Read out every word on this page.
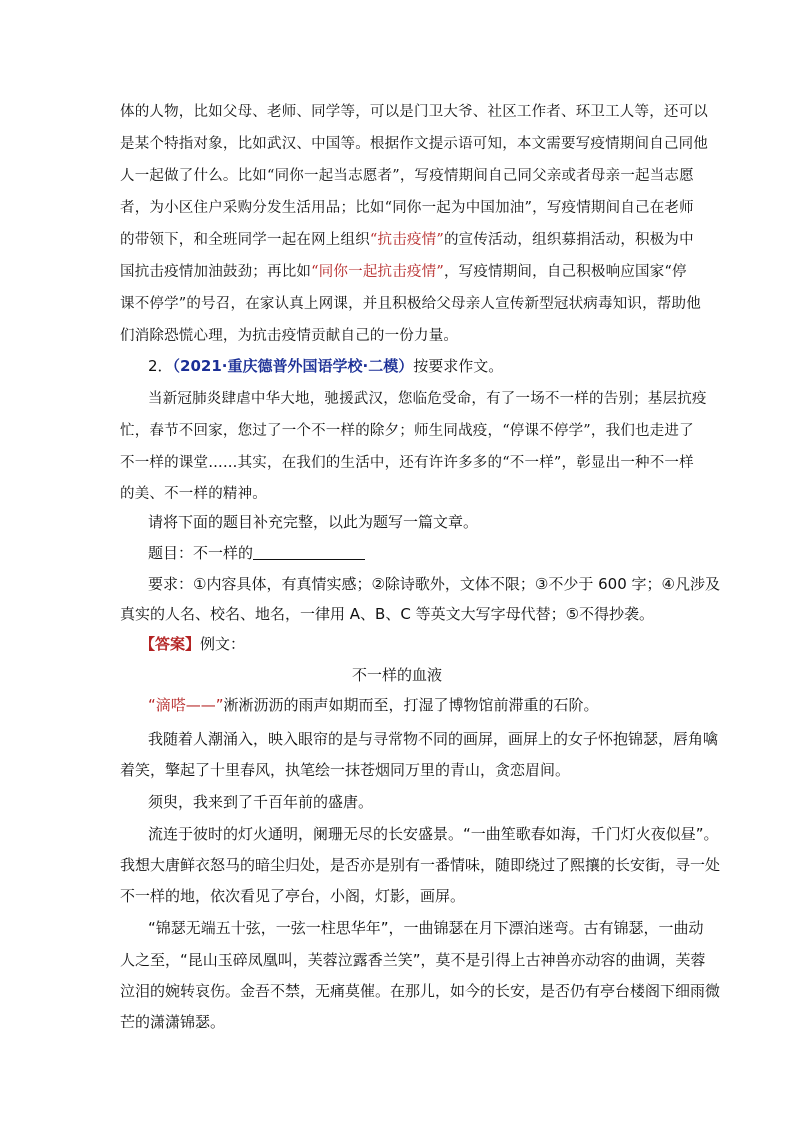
体的人物，比如父母、老师、同学等，可以是门卫大爷、社区工作者、环卫工人等，还可以
是某个特指对象，比如武汉、中国等。根据作文提示语可知，本文需要写疫情期间自己同他
人一起做了什么。比如“同你一起当志愿者”，写疫情期间自己同父亲或者母亲一起当志愿
者，为小区住户采购分发生活用品；比如“同你一起为中国加油”，写疫情期间自己在老师
的带领下，和全班同学一起在网上组织“抗击疫情”的宣传活动，组织募捐活动，积极为中
国抗击疫情加油鼓劲；再比如“同你一起抗击疫情”，写疫情期间，自己积极响应国家“停
课不停学”的号召，在家认真上网课，并且积极给父母亲人宣传新型冠状病毒知识，帮助他
们消除恐慌心理，为抗击疫情贡献自己的一份力量。
2．（2021·重庆德普外国语学校·二模）按要求作文。
当新冠肺炎肆虐中华大地，驰援武汉，您临危受命，有了一场不一样的告别；基层抗疫
忙，春节不回家，您过了一个不一样的除夕；师生同战疫，“停课不停学”，我们也走进了
不一样的课堂……其实，在我们的生活中，还有许许多多的“不一样”，彰显出一种不一样
的美、不一样的精神。
请将下面的题目补充完整，以此为题写一篇文章。
题目：不一样的
要求：①内容具体，有真情实感；②除诗歌外，文体不限；③不少于 600 字；④凡涉及
真实的人名、校名、地名，一律用 A、B、C 等英文大写字母代替；⑤不得抄袭。
【答案】例文：
不一样的血液
“滴嗒——”淅淅沥沥的雨声如期而至，打湿了博物馆前滞重的石阶。
我随着人潮涌入，映入眼帘的是与寻常物不同的画屏，画屏上的女子怀抱锦瑟，唇角噙
着笑，擎起了十里春风，执笔绘一抹苍烟同万里的青山，贪恋眉间。
须臾，我来到了千百年前的盛唐。
流连于彼时的灯火通明，阑珊无尽的长安盛景。“一曲笙歌春如海，千门灯火夜似昼”。
我想大唐鲜衣怒马的暗尘归处，是否亦是别有一番情味，随即绕过了熙攘的长安街，寻一处
不一样的地，依次看见了亭台，小阁，灯影，画屏。
“锦瑟无端五十弦，一弦一柱思华年”，一曲锦瑟在月下漂泊迷弯。古有锦瑟，一曲动
人之至，“昆山玉碎凤凰叫，芙蓉泣露香兰笑”，莫不是引得上古神兽亦动容的曲调，芙蓉
泣泪的婉转哀伤。金吾不禁，无痛莫催。在那儿，如今的长安，是否仍有亭台楼阁下细雨微
芒的潇潇锦瑟。
